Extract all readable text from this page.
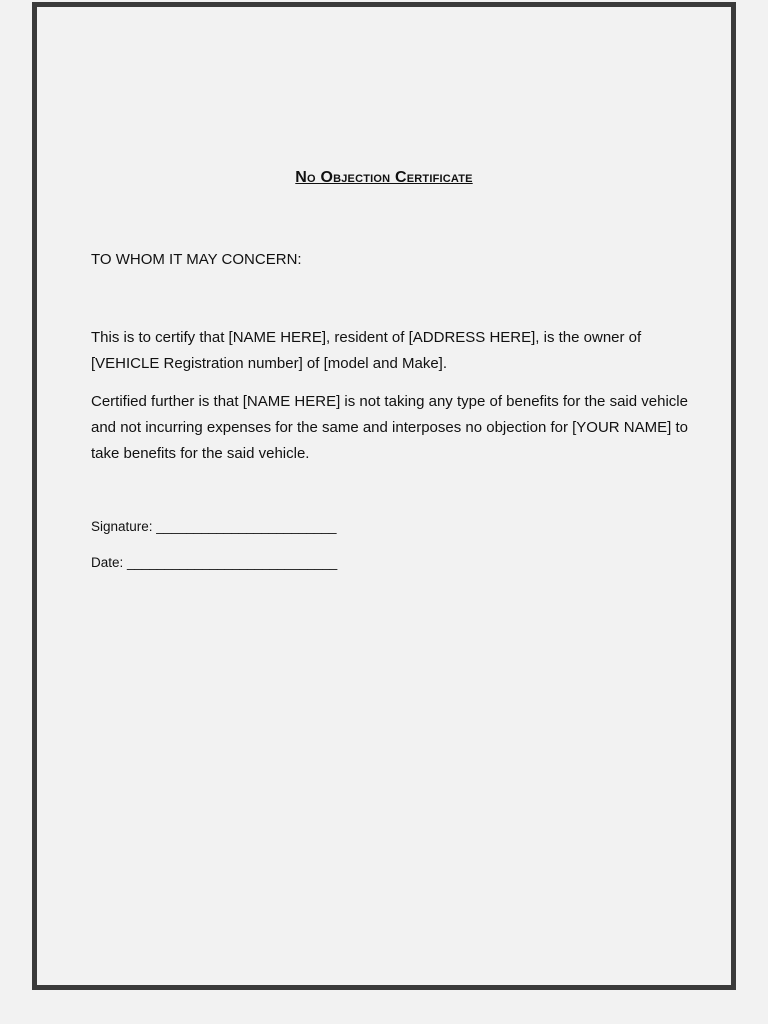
No Objection Certificate
TO WHOM IT MAY CONCERN:
This is to certify that [NAME HERE], resident of [ADDRESS HERE], is the owner of [VEHICLE Registration number] of [model and Make].
Certified further is that [NAME HERE] is not taking any type of benefits for the said vehicle and not incurring expenses for the same and interposes no objection for [YOUR NAME] to take benefits for the said vehicle.
Signature: ________________________
Date: ____________________________
